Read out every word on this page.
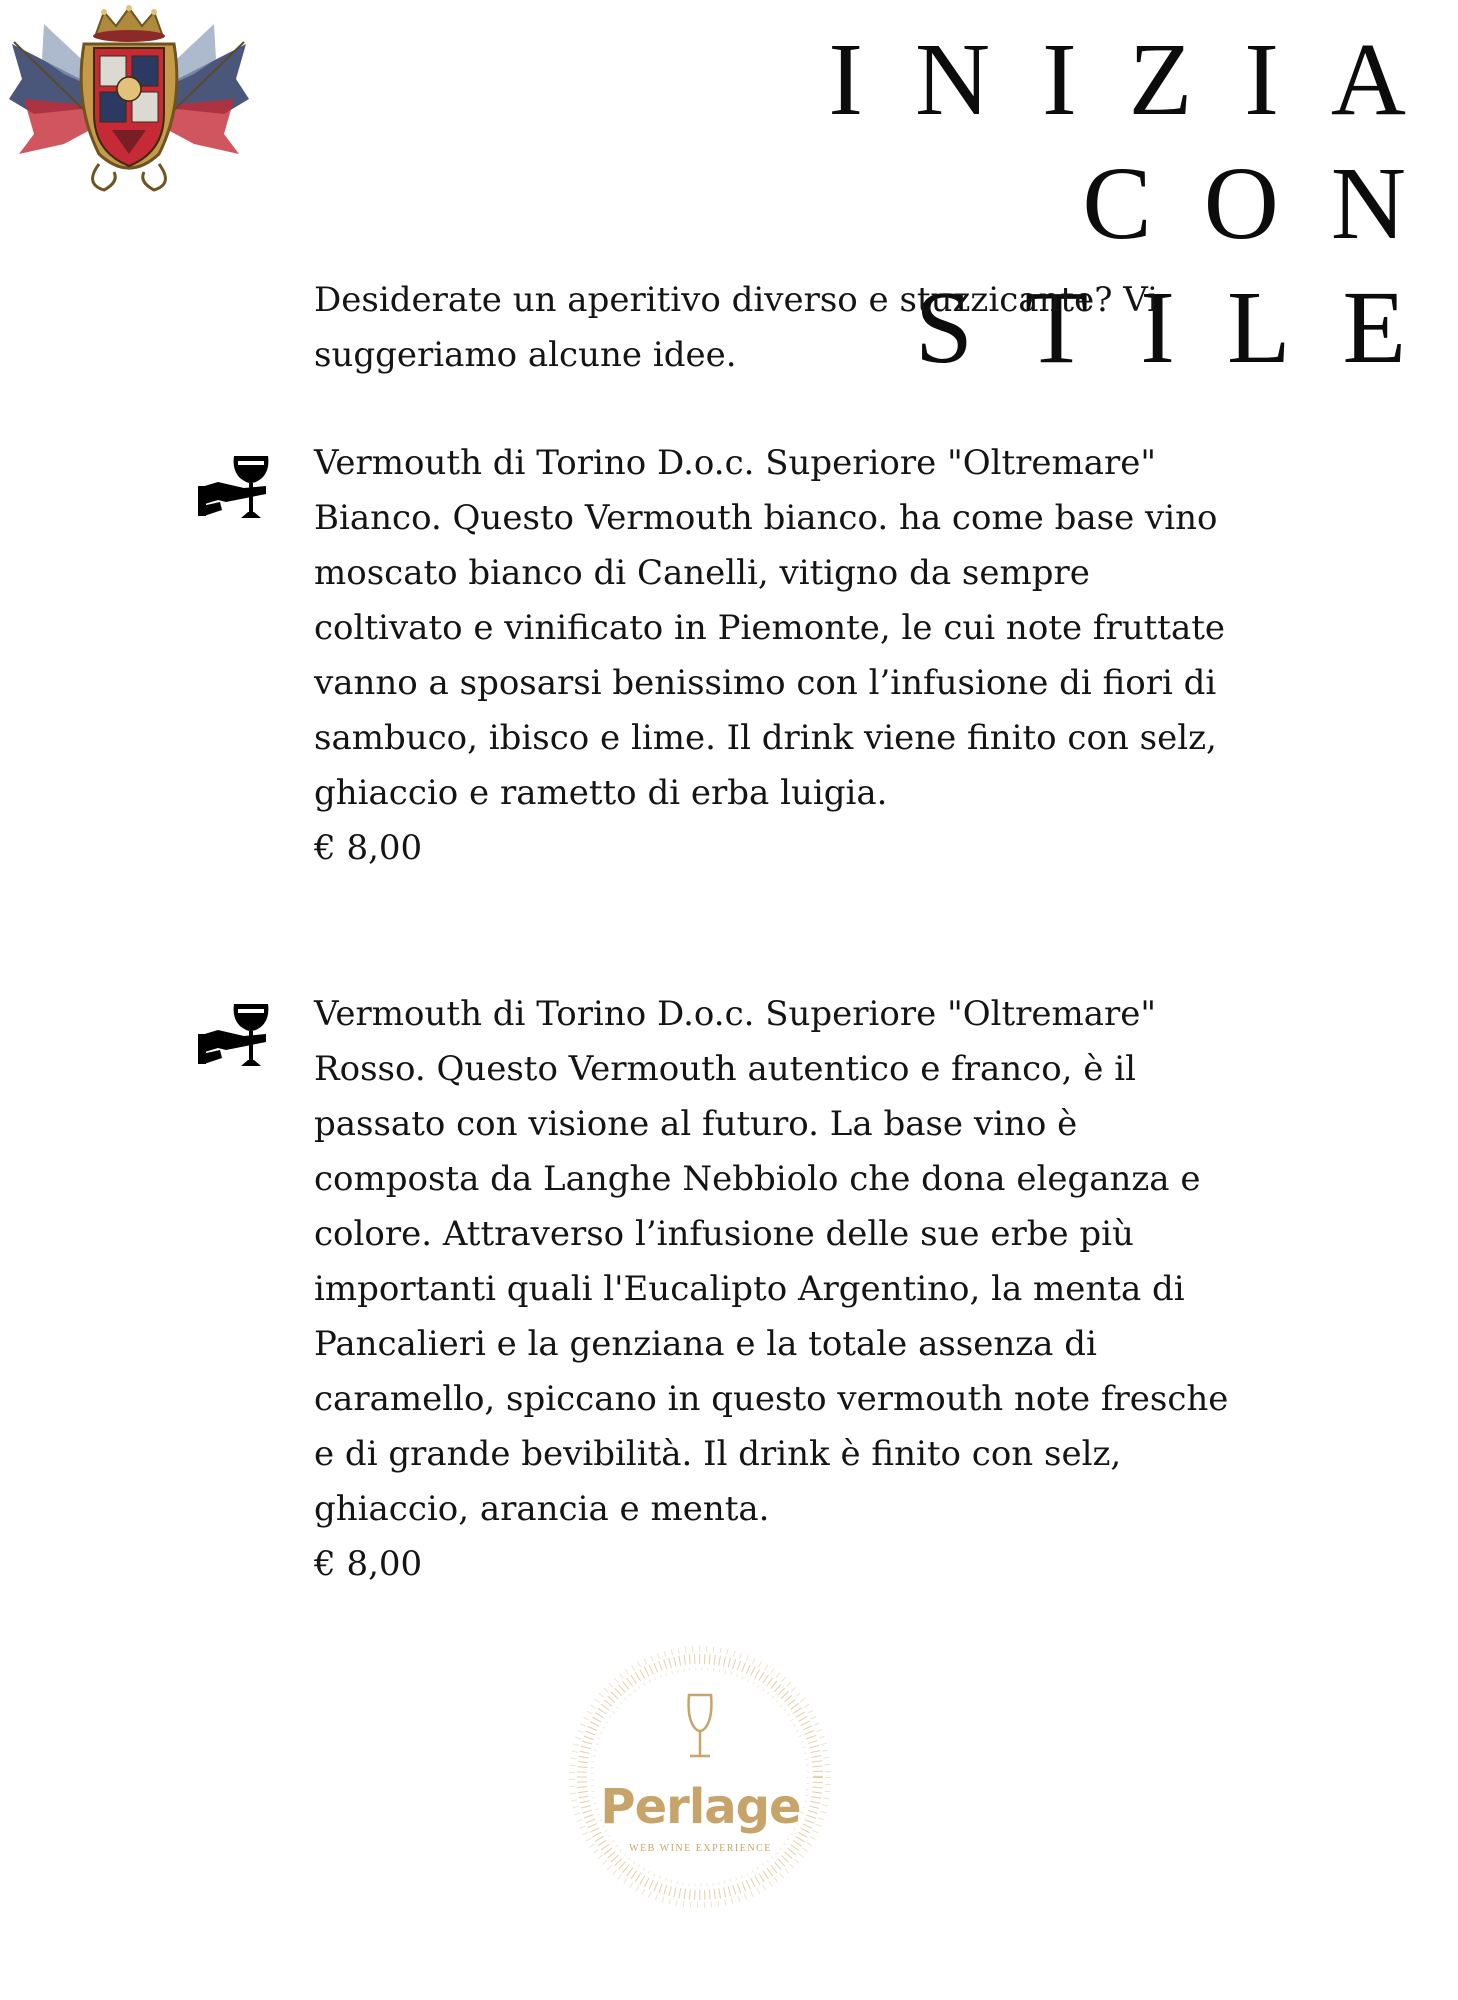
INIZIA CON
STILE

Desiderate un aperitivo diverso e stuzzicante? Vi suggeriamo alcune idee.

Vermouth di Torino D.o.c. Superiore "Oltremare" Bianco. Questo Vermouth bianco. ha come base vino moscato bianco di Canelli, vitigno da sempre coltivato e vinificato in Piemonte, le cui note fruttate vanno a sposarsi benissimo con l’infusione di fiori di sambuco, ibisco e lime. Il drink viene finito con selz, ghiaccio e rametto di erba luigia.
€ 8,00
Vermouth di Torino D.o.c. Superiore "Oltremare" Rosso. Questo Vermouth autentico e franco, è il passato con visione al futuro. La base vino è composta da Langhe Nebbiolo che dona eleganza e colore. Attraverso l’infusione delle sue erbe più importanti quali l'Eucalipto Argentino, la menta di Pancalieri e la genziana e la totale assenza di caramello, spiccano in questo vermouth note fresche e di grande bevibilità. Il drink è finito con selz, ghiaccio, arancia e menta.
€ 8,00
Perlage
WEB WINE EXPERIENCE
